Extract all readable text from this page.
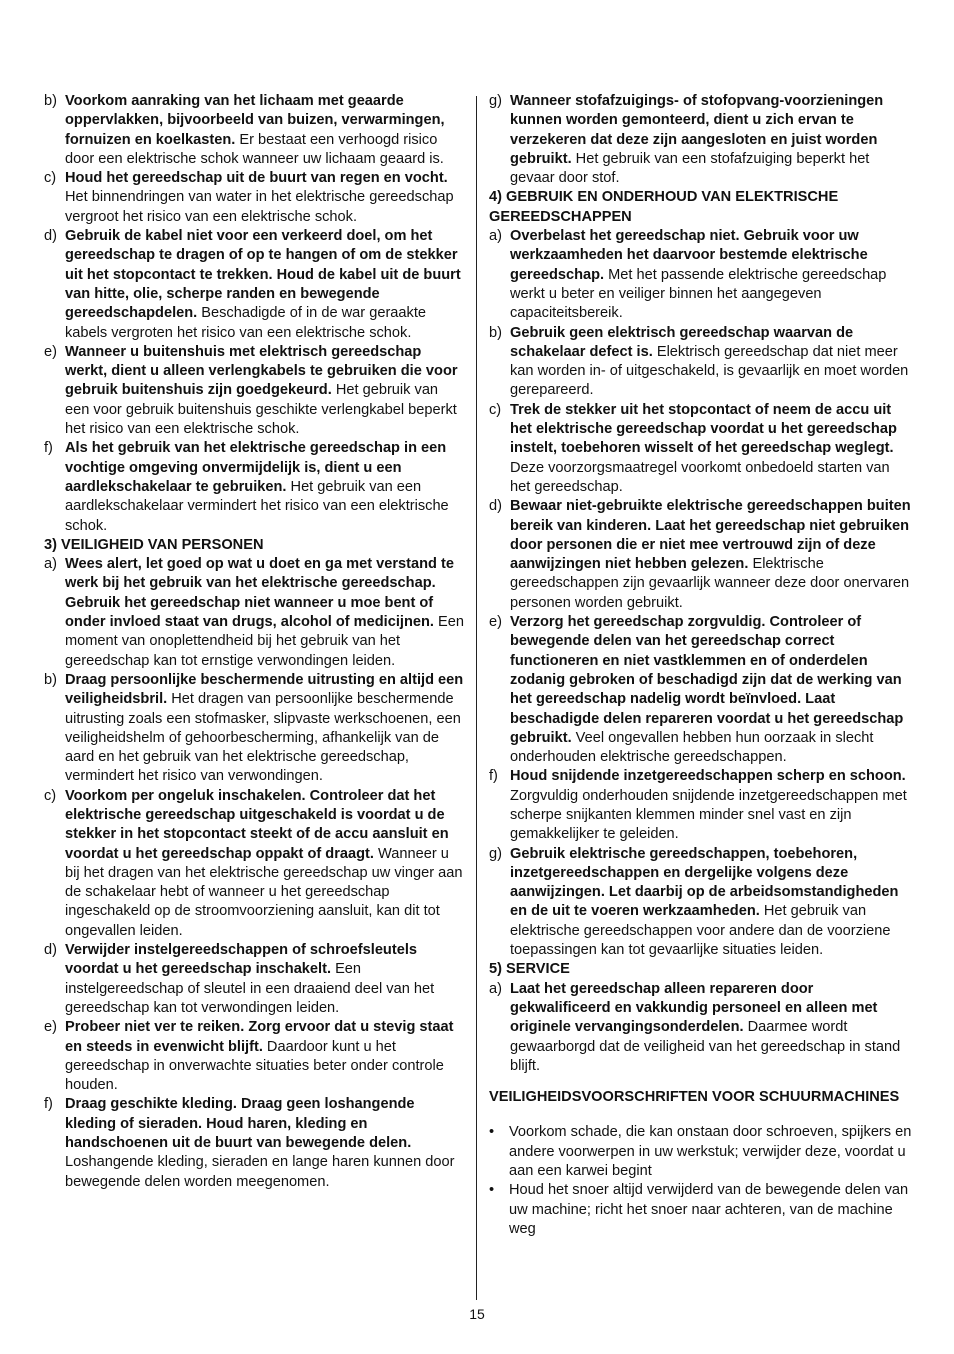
b) Voorkom aanraking van het lichaam met geaarde oppervlakken, bijvoorbeeld van buizen, verwarmingen, fornuizen en koelkasten. Er bestaat een verhoogd risico door een elektrische schok wanneer uw lichaam geaard is.
c) Houd het gereedschap uit de buurt van regen en vocht. Het binnendringen van water in het elektrische gereedschap vergroot het risico van een elektrische schok.
d) Gebruik de kabel niet voor een verkeerd doel, om het gereedschap te dragen of op te hangen of om de stekker uit het stopcontact te trekken. Houd de kabel uit de buurt van hitte, olie, scherpe randen en bewegende gereedschapdelen. Beschadigde of in de war geraakte kabels vergroten het risico van een elektrische schok.
e) Wanneer u buitenshuis met elektrisch gereedschap werkt, dient u alleen verlengkabels te gebruiken die voor gebruik buitenshuis zijn goedgekeurd. Het gebruik van een voor gebruik buitenshuis geschikte verlengkabel beperkt het risico van een elektrische schok.
f) Als het gebruik van het elektrische gereedschap in een vochtige omgeving onvermijdelijk is, dient u een aardlekschakelaar te gebruiken. Het gebruik van een aardlekschakelaar vermindert het risico van een elektrische schok.
3) VEILIGHEID VAN PERSONEN
a) Wees alert, let goed op wat u doet en ga met verstand te werk bij het gebruik van het elektrische gereedschap. Gebruik het gereedschap niet wanneer u moe bent of onder invloed staat van drugs, alcohol of medicijnen. Een moment van onoplettendheid bij het gebruik van het gereedschap kan tot ernstige verwondingen leiden.
b) Draag persoonlijke beschermende uitrusting en altijd een veiligheidsbril. Het dragen van persoonlijke beschermende uitrusting zoals een stofmasker, slipvaste werkschoenen, een veiligheidshelm of gehoorbescherming, afhankelijk van de aard en het gebruik van het elektrische gereedschap, vermindert het risico van verwondingen.
c) Voorkom per ongeluk inschakelen. Controleer dat het elektrische gereedschap uitgeschakeld is voordat u de stekker in het stopcontact steekt of de accu aansluit en voordat u het gereedschap oppakt of draagt. Wanneer u bij het dragen van het elektrische gereedschap uw vinger aan de schakelaar hebt of wanneer u het gereedschap ingeschakeld op de stroomvoorziening aansluit, kan dit tot ongevallen leiden.
d) Verwijder instelgereedschappen of schroefsleutels voordat u het gereedschap inschakelt. Een instelgereedschap of sleutel in een draaiend deel van het gereedschap kan tot verwondingen leiden.
e) Probeer niet ver te reiken. Zorg ervoor dat u stevig staat en steeds in evenwicht blijft. Daardoor kunt u het gereedschap in onverwachte situaties beter onder controle houden.
f) Draag geschikte kleding. Draag geen loshangende kleding of sieraden. Houd haren, kleding en handschoenen uit de buurt van bewegende delen. Loshangende kleding, sieraden en lange haren kunnen door bewegende delen worden meegenomen.
g) Wanneer stofafzuigings- of stofopvang-voorzieningen kunnen worden gemonteerd, dient u zich ervan te verzekeren dat deze zijn aangesloten en juist worden gebruikt. Het gebruik van een stofafzuiging beperkt het gevaar door stof.
4) GEBRUIK EN ONDERHOUD VAN ELEKTRISCHE GEREEDSCHAPPEN
a) Overbelast het gereedschap niet. Gebruik voor uw werkzaamheden het daarvoor bestemde elektrische gereedschap. Met het passende elektrische gereedschap werkt u beter en veiliger binnen het aangegeven capaciteitsbereik.
b) Gebruik geen elektrisch gereedschap waarvan de schakelaar defect is. Elektrisch gereedschap dat niet meer kan worden in- of uitgeschakeld, is gevaarlijk en moet worden gerepareerd.
c) Trek de stekker uit het stopcontact of neem de accu uit het elektrische gereedschap voordat u het gereedschap instelt, toebehoren wisselt of het gereedschap weglegt. Deze voorzorgsmaatregel voorkomt onbedoeld starten van het gereedschap.
d) Bewaar niet-gebruikte elektrische gereedschappen buiten bereik van kinderen. Laat het gereedschap niet gebruiken door personen die er niet mee vertrouwd zijn of deze aanwijzingen niet hebben gelezen. Elektrische gereedschappen zijn gevaarlijk wanneer deze door onervaren personen worden gebruikt.
e) Verzorg het gereedschap zorgvuldig. Controleer of bewegende delen van het gereedschap correct functioneren en niet vastklemmen en of onderdelen zodanig gebroken of beschadigd zijn dat de werking van het gereedschap nadelig wordt beïnvloed. Laat beschadigde delen repareren voordat u het gereedschap gebruikt. Veel ongevallen hebben hun oorzaak in slecht onderhouden elektrische gereedschappen.
f) Houd snijdende inzetgereedschappen scherp en schoon. Zorgvuldig onderhouden snijdende inzetgereedschappen met scherpe snijkanten klemmen minder snel vast en zijn gemakkelijker te geleiden.
g) Gebruik elektrische gereedschappen, toebehoren, inzetgereedschappen en dergelijke volgens deze aanwijzingen. Let daarbij op de arbeidsomstandigheden en de uit te voeren werkzaamheden. Het gebruik van elektrische gereedschappen voor andere dan de voorziene toepassingen kan tot gevaarlijke situaties leiden.
5) SERVICE
a) Laat het gereedschap alleen repareren door gekwalificeerd en vakkundig personeel en alleen met originele vervangingsonderdelen. Daarmee wordt gewaarborgd dat de veiligheid van het gereedschap in stand blijft.
VEILIGHEIDSVOORSCHRIFTEN VOOR SCHUURMACHINES
•	Voorkom schade, die kan onstaan door schroeven, spijkers en andere voorwerpen in uw werkstuk; verwijder deze, voordat u aan een karwei begint
•	Houd het snoer altijd verwijderd van de bewegende delen van uw machine; richt het snoer naar achteren, van de machine weg
15
